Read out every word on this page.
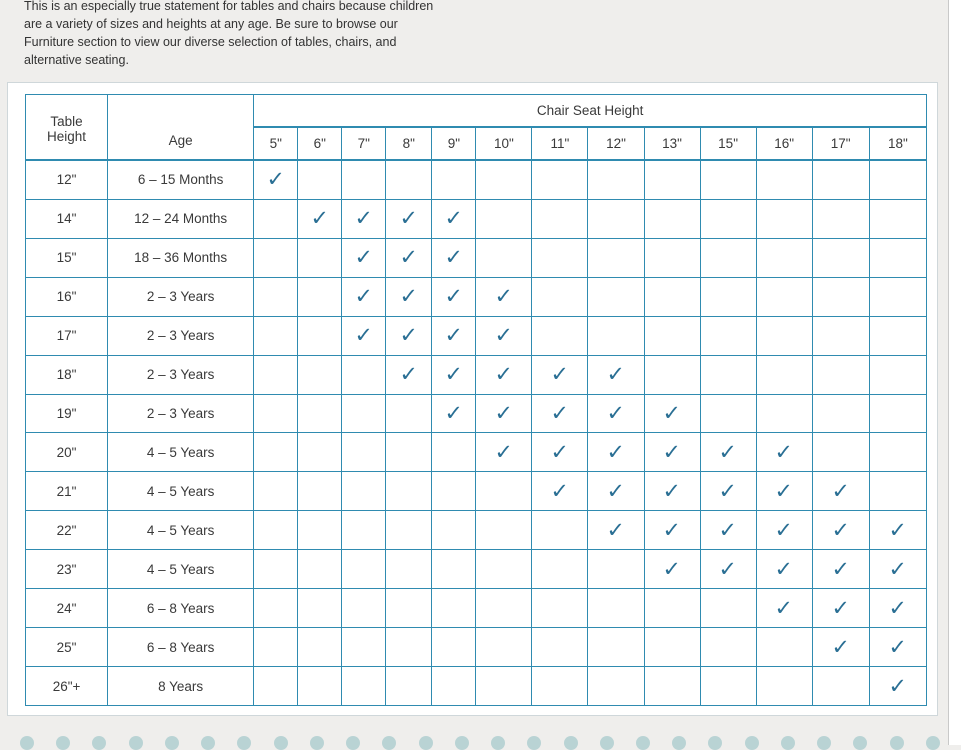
This is an especially true statement for tables and chairs because children are a variety of sizes and heights at any age. Be sure to browse our Furniture section to view our diverse selection of tables, chairs, and alternative seating.

Table
Height	Age	Chair Seat Height												
		5"	6"	7"	8"	9"	10"	11"	12"	13"	15"	16"	17"	18"
12"	6 – 15 Months	✓												
14"	12 – 24 Months		✓	✓	✓	✓								
15"	18 – 36 Months			✓	✓	✓								
16"	2 – 3 Years			✓	✓	✓	✓							
17"	2 – 3 Years			✓	✓	✓	✓							
18"	2 – 3 Years				✓	✓	✓	✓	✓					
19"	2 – 3 Years					✓	✓	✓	✓	✓				
20"	4 – 5 Years						✓	✓	✓	✓	✓	✓		
21"	4 – 5 Years							✓	✓	✓	✓	✓	✓	
22"	4 – 5 Years								✓	✓	✓	✓	✓	✓
23"	4 – 5 Years									✓	✓	✓	✓	✓
24"	6 – 8 Years											✓	✓	✓
25"	6 – 8 Years												✓	✓
26"+	8 Years													✓
